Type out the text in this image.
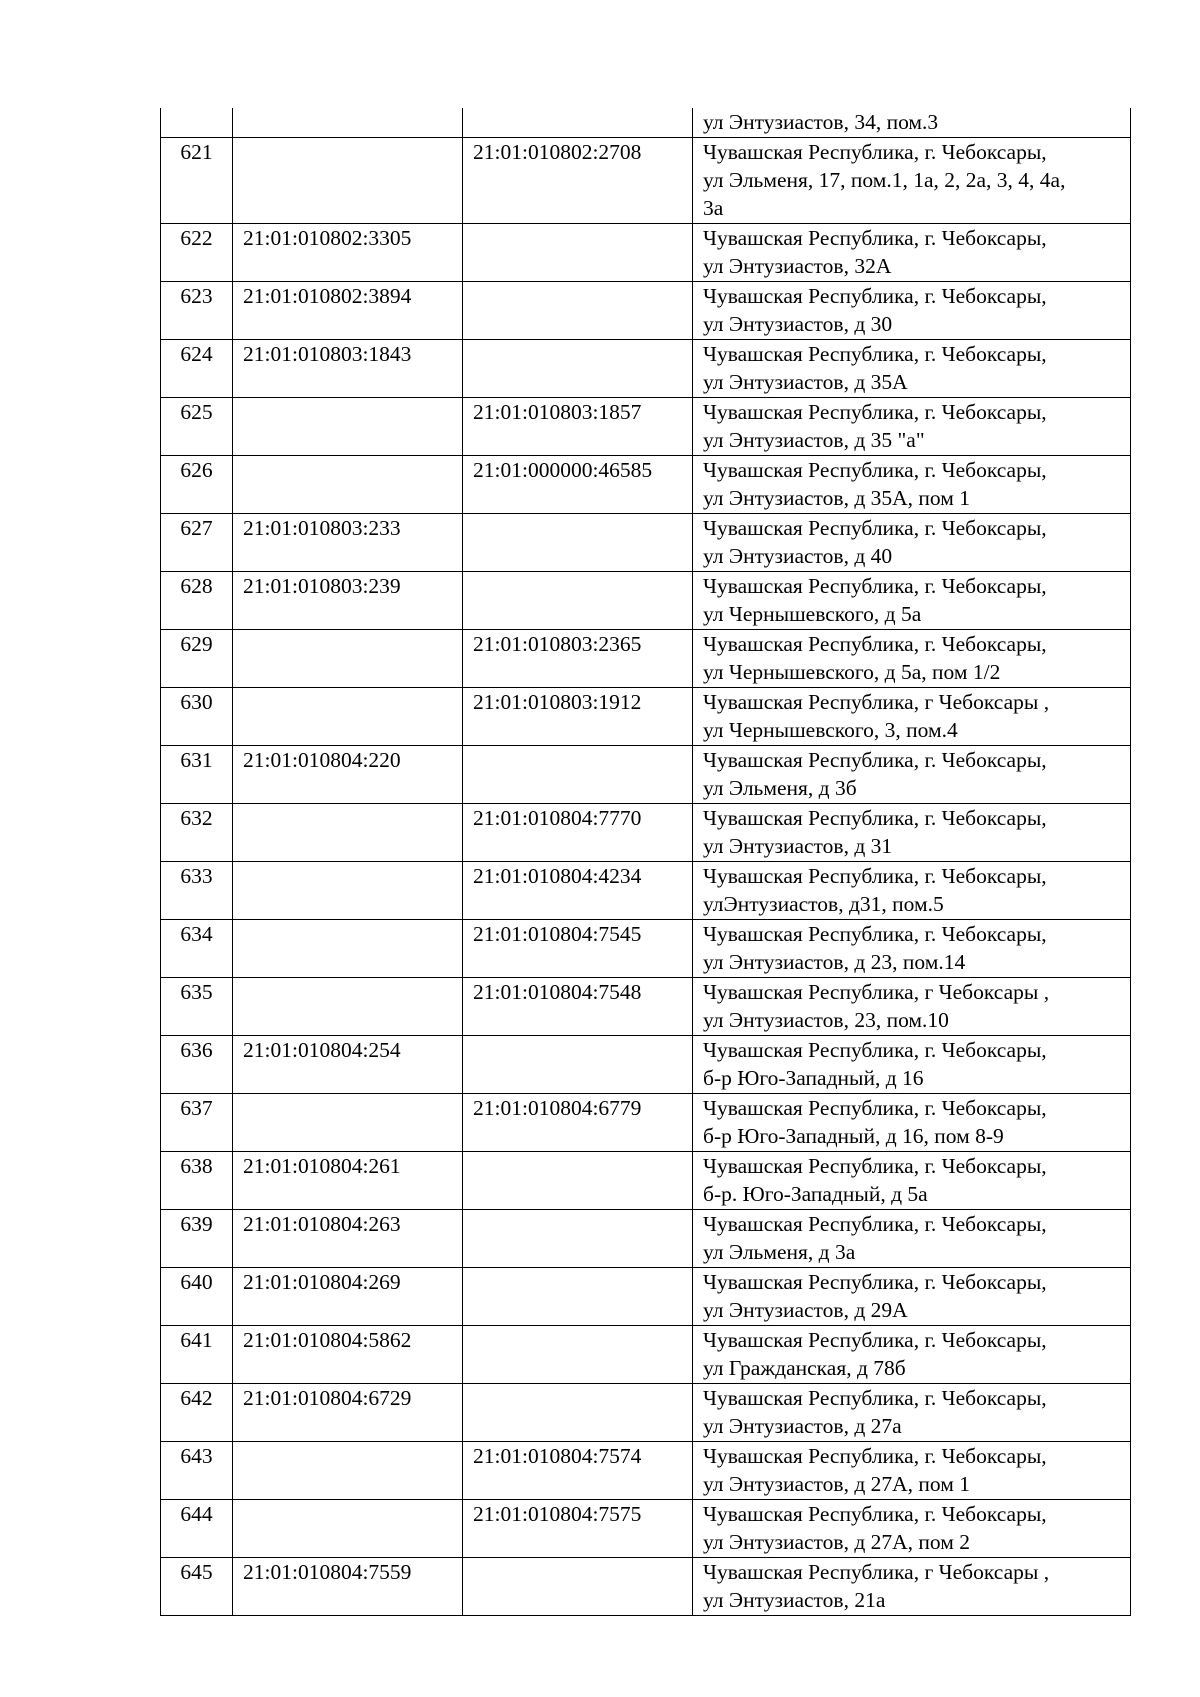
			ул Энтузиастов, 34, пом.3

621		21:01:010802:2708	Чувашская Республика, г. Чебоксары,
ул Эльменя, 17, пом.1, 1а, 2, 2а, 3, 4, 4а,
3а

622	21:01:010802:3305		Чувашская Республика, г. Чебоксары,
ул Энтузиастов, 32А

623	21:01:010802:3894		Чувашская Республика, г. Чебоксары,
ул Энтузиастов, д 30

624	21:01:010803:1843		Чувашская Республика, г. Чебоксары,
ул Энтузиастов, д 35А

625		21:01:010803:1857	Чувашская Республика, г. Чебоксары,
ул Энтузиастов, д 35 "а"

626		21:01:000000:46585	Чувашская Республика, г. Чебоксары,
ул Энтузиастов, д 35А, пом 1

627	21:01:010803:233		Чувашская Республика, г. Чебоксары,
ул Энтузиастов, д 40

628	21:01:010803:239		Чувашская Республика, г. Чебоксары,
ул Чернышевского, д 5а

629		21:01:010803:2365	Чувашская Республика, г. Чебоксары,
ул Чернышевского, д 5а, пом 1/2

630		21:01:010803:1912	Чувашская Республика, г Чебоксары ,
ул Чернышевского, 3, пом.4

631	21:01:010804:220		Чувашская Республика, г. Чебоксары,
ул Эльменя, д 3б

632		21:01:010804:7770	Чувашская Республика, г. Чебоксары,
ул Энтузиастов, д 31

633		21:01:010804:4234	Чувашская Республика, г. Чебоксары,
улЭнтузиастов, д31, пом.5

634		21:01:010804:7545	Чувашская Республика, г. Чебоксары,
ул Энтузиастов, д 23, пом.14

635		21:01:010804:7548	Чувашская Республика, г Чебоксары ,
ул Энтузиастов, 23, пом.10

636	21:01:010804:254		Чувашская Республика, г. Чебоксары,
б-р Юго-Западный, д 16

637		21:01:010804:6779	Чувашская Республика, г. Чебоксары,
б-р Юго-Западный, д 16, пом 8-9

638	21:01:010804:261		Чувашская Республика, г. Чебоксары,
б-р. Юго-Западный, д 5а

639	21:01:010804:263		Чувашская Республика, г. Чебоксары,
ул Эльменя, д 3а

640	21:01:010804:269		Чувашская Республика, г. Чебоксары,
ул Энтузиастов, д 29А

641	21:01:010804:5862		Чувашская Республика, г. Чебоксары,
ул Гражданская, д 78б

642	21:01:010804:6729		Чувашская Республика, г. Чебоксары,
ул Энтузиастов, д 27а

643		21:01:010804:7574	Чувашская Республика, г. Чебоксары,
ул Энтузиастов, д 27А, пом 1

644		21:01:010804:7575	Чувашская Республика, г. Чебоксары,
ул Энтузиастов, д 27А, пом 2

645	21:01:010804:7559		Чувашская Республика, г Чебоксары ,
ул Энтузиастов, 21а
